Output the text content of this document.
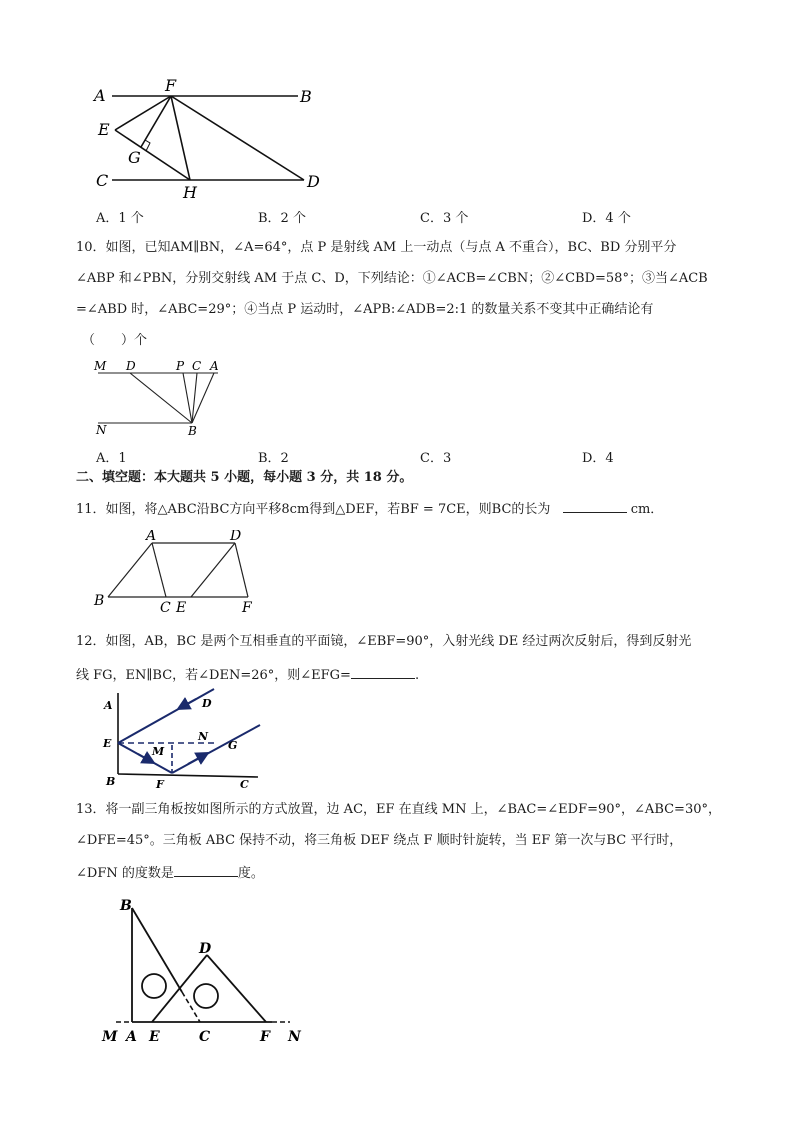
A
F
B
E
G
C
H
D
A．1 个	B．2 个	C．3 个	D．4 个
10．如图，已知AM∥BN，∠A=64°，点 P 是射线 AM 上一动点（与点 A 不重合），BC、BD 分别平分
∠ABP 和∠PBN，分别交射线 AM 于点 C、D，下列结论：①∠ACB=∠CBN；②∠CBD=58°；③当∠ACB
=∠ABD 时，∠ABC=29°；④当点 P 运动时，∠APB:∠ADB=2:1 的数量关系不变其中正确结论有
（　　）个
M D	P C A
N	B
A．1	B．2	C．3	D．4
二、填空题：本大题共 5 小题，每小题 3 分，共 18 分。
11．如图，将△ABC沿BC方向平移8cm得到△DEF，若BF = 7CE，则BC的长为	cm．
A	D
B	C E	F
12．如图，AB，BC 是两个互相垂直的平面镜，∠EBF=90°，入射光线 DE 经过两次反射后，得到反射光
线 FG，EN∥BC，若∠DEN=26°，则∠EFG=	.
A	D
E
M
N
G
B	F	C
13．将一副三角板按如图所示的方式放置，边 AC，EF 在直线 MN 上，∠BAC=∠EDF=90°，∠ABC=30°，
∠DFE=45°。三角板 ABC 保持不动，将三角板 DEF 绕点 F 顺时针旋转，当 EF 第一次与BC 平行时，
∠DFN 的度数是	度。
B
D
M A E	C	F N
